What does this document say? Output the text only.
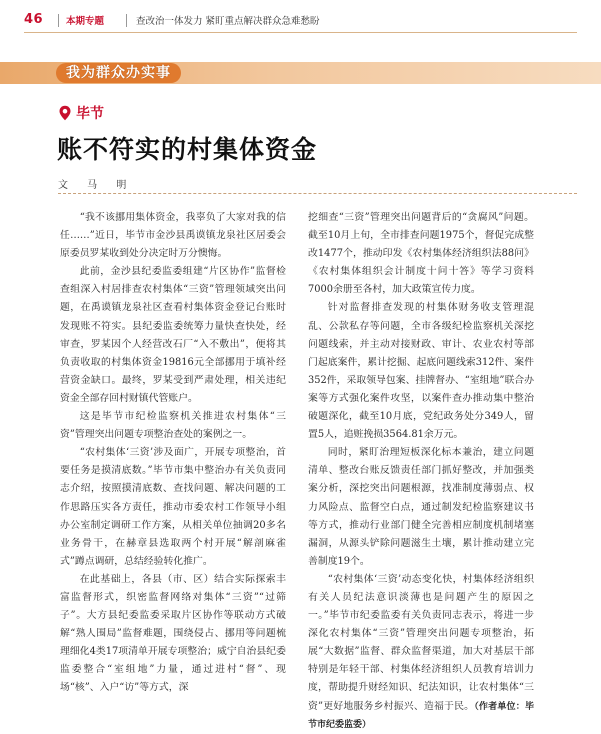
46 本期专题	查改治一体发力 紧盯重点解决群众急难愁盼
我为群众办实事
毕节
账不符实的村集体资金
文 马 明

“我不该挪用集体资金，我辜负了大家对我的信任……”近日，毕节市金沙县禹谟镇龙泉社区居委会原委员罗某收到处分决定时万分懊悔。

此前，金沙县纪委监委组建“片区协作”监督检查组深入村居排查农村集体“三资”管理领域突出问题，在禹谟镇龙泉社区查看村集体资金登记台账时发现账不符实。县纪委监委统筹力量快查快处，经审查，罗某因个人经营改石厂“入不敷出”，便将其负责收取的村集体资金19816元全部挪用于填补经营资金缺口。最终，罗某受到严肃处理，相关违纪资金全部存回村财镇代管账户。

这是毕节市纪检监察机关推进农村集体“三资”管理突出问题专项整治查处的案例之一。

“农村集体‘三资’涉及面广，开展专项整治，首要任务是摸清底数。”毕节市集中整治办有关负责同志介绍，按照摸清底数、查找问题、解决问题的工作思路压实各方责任，推动市委农村工作领导小组办公室制定调研工作方案，从相关单位抽调20多名业务骨干，在赫章县选取两个村开展“解剖麻雀式”蹲点调研，总结经验转化推广。

在此基础上，各县（市、区）结合实际探索丰富监督形式，织密监督网络对集体“三资”“过筛子”。大方县纪委监委采取片区协作等联动方式破解“熟人围局”监督难题，围绕侵占、挪用等问题梳理细化4类17项清单开展专项整治；威宁自治县纪委监委整合“室组地”力量，通过进村“督”、现场“核”、入户“访”等方式，深

挖细查“三资”管理突出问题背后的“贪腐风”问题。截至10月上旬，全市排查问题1975个，督促完成整改1477个，推动印发《农村集体经济组织法88问》《农村集体组织会计制度十问十答》等学习资料7000余册至各村，加大政策宣传力度。

针对监督排查发现的村集体财务收支管理混乱、公款私存等问题，全市各级纪检监察机关深挖问题线索，并主动对接财政、审计、农业农村等部门起底案件，累计挖掘、起底问题线索312件、案件352件，采取领导包案、挂牌督办、“室组地”联合办案等方式强化案件攻坚，以案件查办推动集中整治破题深化，截至10月底，党纪政务处分349人，留置5人，追赃挽损3564.81余万元。

同时，紧盯治理短板深化标本兼治，建立问题清单、整改台账反馈责任部门抓好整改，并加强类案分析，深挖突出问题根源，找准制度薄弱点、权力风险点、监督空白点，通过制发纪检监察建议书等方式，推动行业部门健全完善相应制度机制堵塞漏洞，从源头铲除问题滋生土壤，累计推动建立完善制度19个。

“农村集体‘三资’动态变化快，村集体经济组织有关人员纪法意识淡薄也是问题产生的原因之一。”毕节市纪委监委有关负责同志表示，将进一步深化农村集体“三资”管理突出问题专项整治，拓展“大数据”监督、群众监督渠道，加大对基层干部特别是年轻干部、村集体经济组织人员教育培训力度，帮助提升财经知识、纪法知识，让农村集体“三资”更好地服务乡村振兴、造福于民。（作者单位：毕节市纪委监委）
